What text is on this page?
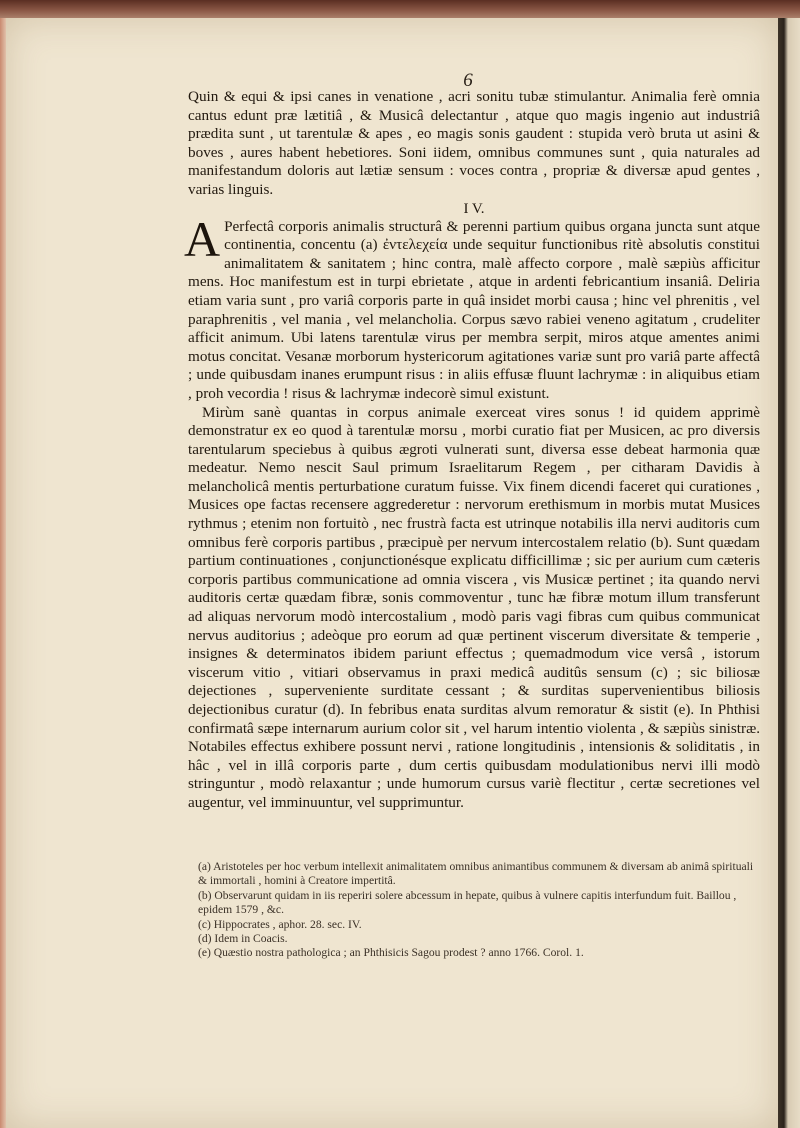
6

Quin & equi & ipsi canes in venatione , acri sonitu tubæ stimulantur. Animalia ferè omnia cantus edunt præ lætitiâ , & Musicâ delectantur , atque quo magis ingenio aut industriâ prædita sunt , ut tarentulæ & apes , eo magis sonis gaudent : stupida verò bruta ut asini & boves , aures habent hebetiores. Soni iidem, omnibus communes sunt , quia naturales ad manifestandum doloris aut lætiæ sensum : voces contra , propriæ & diversæ apud gentes , varias linguis.

I V.

A Perfectâ corporis animalis structurâ & perenni partium quibus organa juncta sunt atque continentia, concentu (a) ἐντελεχεία unde sequitur functionibus ritè absolutis constitui animalitatem & sanitatem ; hinc contra, malè affecto corpore , malè sæpiùs afficitur mens. Hoc manifestum est in turpi ebrietate , atque in ardenti febricantium insaniâ. Deliria etiam varia sunt , pro variâ corporis parte in quâ insidet morbi causa ; hinc vel phrenitis , vel paraphrenitis , vel mania , vel melancholia. Corpus sævo rabiei veneno agitatum , crudeliter afficit animum. Ubi latens tarentulæ virus per membra serpit, miros atque amentes animi motus concitat. Vesanæ morborum hystericorum agitationes variæ sunt pro variâ parte affectâ ; unde quibusdam inanes erumpunt risus : in aliis effusæ fluunt lachrymæ : in aliquibus etiam , proh vecordia ! risus & lachrymæ indecorè simul existunt.

Mirùm sanè quantas in corpus animale exerceat vires sonus ! id quidem apprimè demonstratur ex eo quod à tarentulæ morsu , morbi curatio fiat per Musicen, ac pro diversis tarentularum speciebus à quibus ægroti vulnerati sunt, diversa esse debeat harmonia quæ medeatur. Nemo nescit Saul primum Israelitarum Regem , per citharam Davidis à melancholicâ mentis perturbatione curatum fuisse. Vix finem dicendi faceret qui curationes , Musices ope factas recensere aggrederetur : nervorum erethismum in morbis mutat Musices rythmus ; etenim non fortuitò , nec frustrà facta est utrinque notabilis illa nervi auditoris cum omnibus ferè corporis partibus , præcipuè per nervum intercostalem relatio (b). Sunt quædam partium continuationes , conjunctionésque explicatu difficillimæ ; sic per aurium cum cæteris corporis partibus communicatione ad omnia viscera , vis Musicæ pertinet ; ita quando nervi auditoris certæ quædam fibræ, sonis commoventur , tunc hæ fibræ motum illum transferunt ad aliquas nervorum modò intercostalium , modò paris vagi fibras cum quibus communicat nervus auditorius ; adeòque pro eorum ad quæ pertinent viscerum diversitate & temperie , insignes & determinatos ibidem pariunt effectus ; quemadmodum vice versâ , istorum viscerum vitio , vitiari observamus in praxi medicâ auditûs sensum (c) ; sic biliosæ dejectiones , superveniente surditate cessant ; & surditas supervenientibus biliosis dejectionibus curatur (d). In febribus enata surditas alvum remoratur & sistit (e). In Phthisi confirmatâ sæpe internarum aurium color sit , vel harum intentio violenta , & sæpiùs sinistræ. Notabiles effectus exhibere possunt nervi , ratione longitudinis , intensionis & soliditatis , in hâc , vel in illâ corporis parte , dum certis quibusdam modulationibus nervi illi modò stringuntur , modò relaxantur ; unde humorum cursus variè flectitur , certæ secretiones vel augentur, vel imminuuntur, vel supprimuntur.

(a) Aristoteles per hoc verbum intellexit animalitatem omnibus animantibus communem & diversam ab animâ spirituali & immortali , homini à Creatore impertitâ.
(b) Observarunt quidam in iis reperiri solere abcessum in hepate, quibus à vulnere capitis interfundum fuit. Baillou , epidem 1579 , &c.
(c) Hippocrates , aphor. 28. sec. IV.
(d) Idem in Coacis.
(e) Quæstio nostra pathologica ; an Phthisicis Sagou prodest ? anno 1766. Corol. 1.
